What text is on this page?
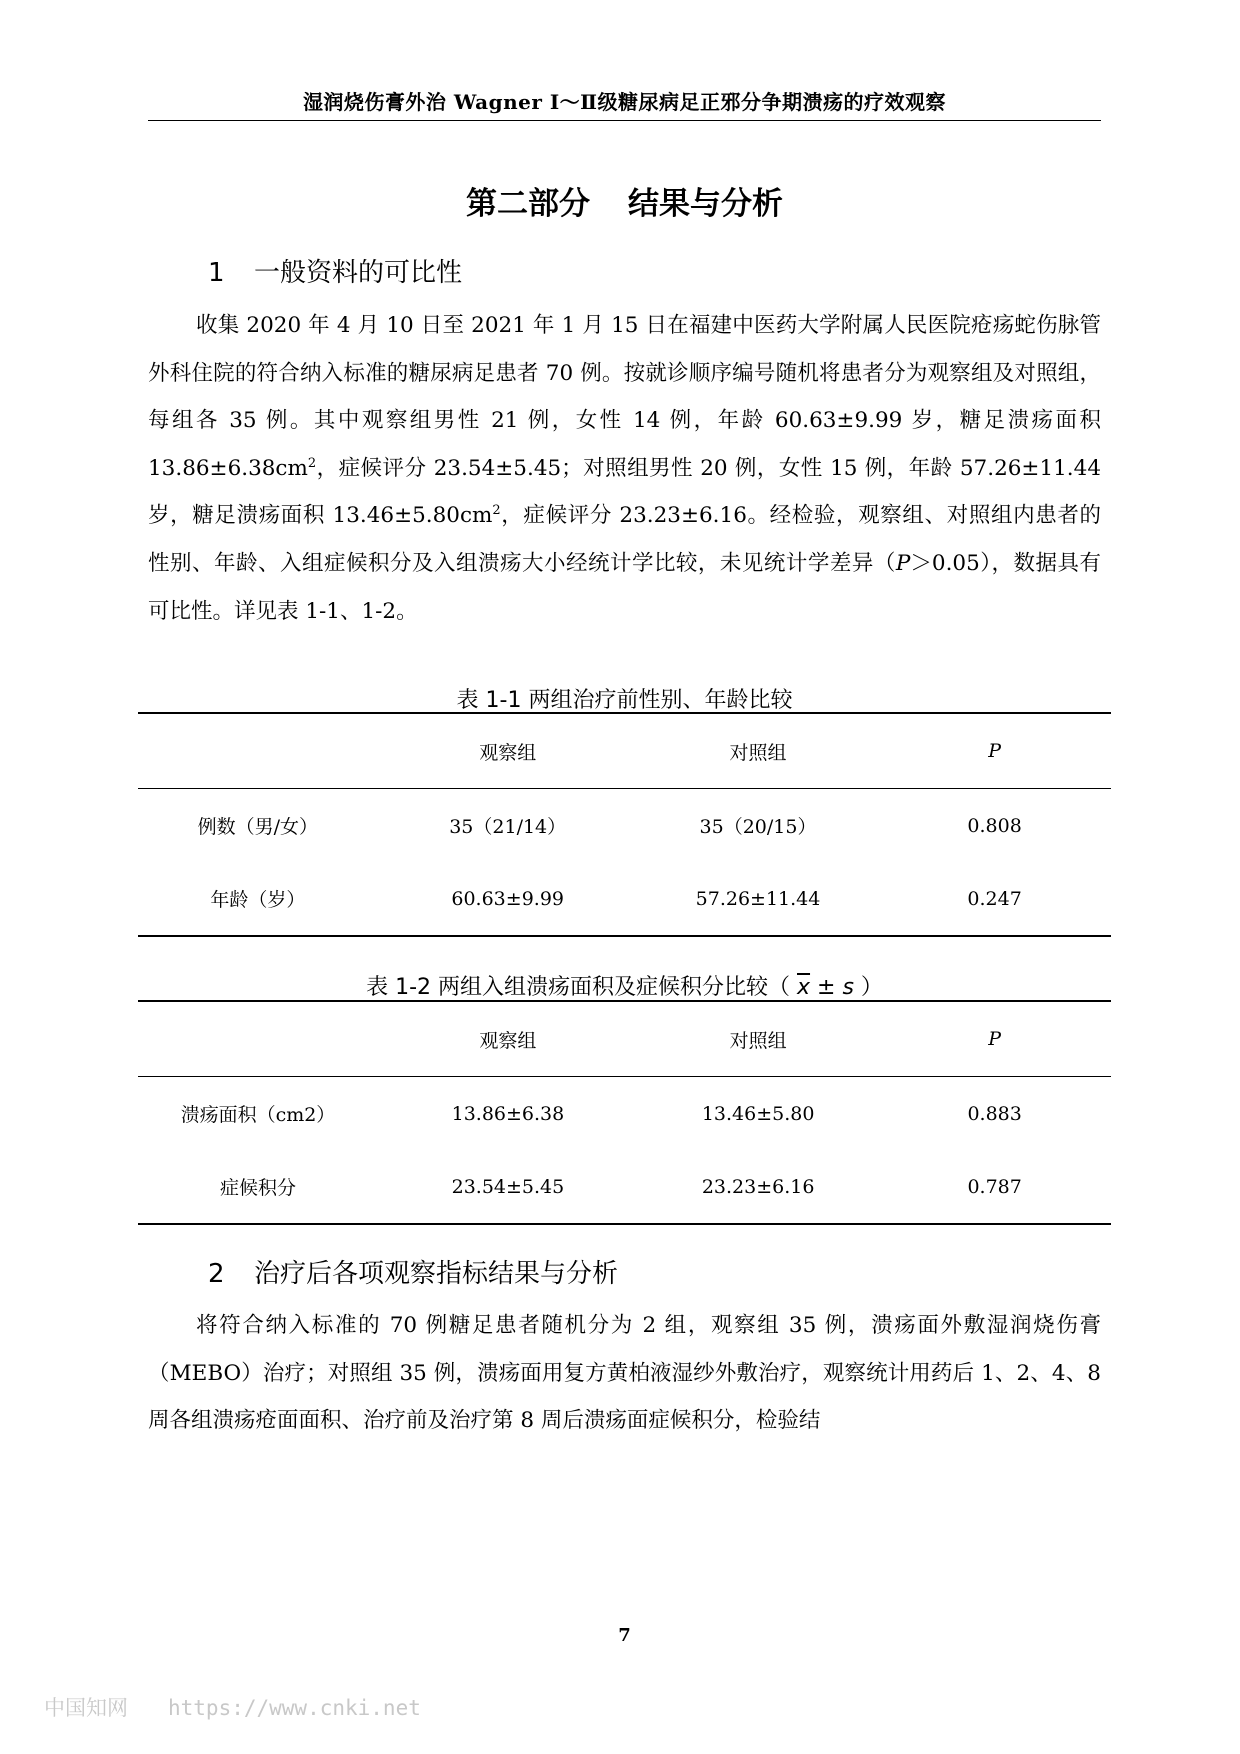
湿润烧伤膏外治 Wagner Ⅰ～Ⅱ级糖尿病足正邪分争期溃疡的疗效观察
第二部分 结果与分析
1 一般资料的可比性
收集 2020 年 4 月 10 日至 2021 年 1 月 15 日在福建中医药大学附属人民医院疮疡蛇伤脉管外科住院的符合纳入标准的糖尿病足患者 70 例。按就诊顺序编号随机将患者分为观察组及对照组，每组各 35 例。其中观察组男性 21 例，女性 14 例，年龄 60.63±9.99 岁，糖足溃疡面积 $13.86\pm 6.38cm^2$，症候评分 23.54±5.45；对照组男性 20 例，女性 15 例，年龄 57.26±11.44 岁，糖足溃疡面积 $13.46\pm 5.80cm^2$，症候评分 23.23±6.16。经检验，观察组、对照组内患者的性别、年龄、入组症候积分及入组溃疡大小经统计学比较，未见统计学差异（P＞0.05），数据具有可比性。详见表 1-1、1-2。
表 1-1 两组治疗前性别、年龄比较
	观察组	对照组	P
例数（男/女）	35（21/14）	35（20/15）	0.808
年龄（岁）	60.63±9.99	57.26±11.44	0.247
表 1-2 两组入组溃疡面积及症候积分比较（ $\overline{x} \pm s$ ）
	观察组	对照组	P
溃疡面积（cm2）	13.86±6.38	13.46±5.80	0.883
症候积分	23.54±5.45	23.23±6.16	0.787
2 治疗后各项观察指标结果与分析
将符合纳入标准的 70 例糖足患者随机分为 2 组，观察组 35 例，溃疡面外敷湿润烧伤膏（MEBO）治疗；对照组 35 例，溃疡面用复方黄柏液湿纱外敷治疗，观察统计用药后 1、2、4、8 周各组溃疡疮面面积、治疗前及治疗第 8 周后溃疡面症候积分，检验结
7
中国知网 https://www.cnki.net
